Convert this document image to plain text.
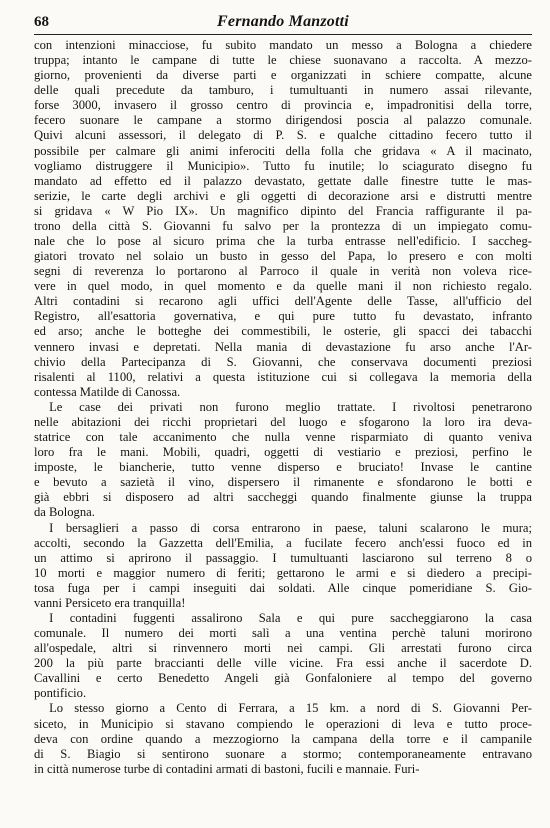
68	Fernando Manzotti
con intenzioni minacciose, fu subito mandato un messo a Bologna a chiedere
truppa; intanto le campane di tutte le chiese suonavano a raccolta. A mezzo-
giorno, provenienti da diverse parti e organizzati in schiere compatte, alcune
delle quali precedute da tamburo, i tumultuanti in numero assai rilevante,
forse 3000, invasero il grosso centro di provincia e, impadronitisi della torre,
fecero suonare le campane a stormo dirigendosi poscia al palazzo comunale.
Quivi alcuni assessori, il delegato di P. S. e qualche cittadino fecero tutto il
possibile per calmare gli animi inferociti della folla che gridava « A il macinato,
vogliamo distruggere il Municipio». Tutto fu inutile; lo sciagurato disegno fu
mandato ad effetto ed il palazzo devastato, gettate dalle finestre tutte le mas-
serizie, le carte degli archivi e gli oggetti di decorazione arsi e distrutti mentre
si gridava « W Pio IX». Un magnifico dipinto del Francia raffigurante il pa-
trono della città S. Giovanni fu salvo per la prontezza di un impiegato comu-
nale che lo pose al sicuro prima che la turba entrasse nell'edificio. I saccheg-
giatori trovato nel solaio un busto in gesso del Papa, lo presero e con molti
segni di reverenza lo portarono al Parroco il quale in verità non voleva rice-
vere in quel modo, in quel momento e da quelle mani il non richiesto regalo.
Altri contadini si recarono agli uffici dell'Agente delle Tasse, all'ufficio del
Registro, all'esattoria governativa, e qui pure tutto fu devastato, infranto
ed arso; anche le botteghe dei commestibili, le osterie, gli spacci dei tabacchi
vennero invasi e depretati. Nella mania di devastazione fu arso anche l'Ar-
chivio della Partecipanza di S. Giovanni, che conservava documenti preziosi
risalenti al 1100, relativi a questa istituzione cui si collegava la memoria della
contessa Matilde di Canossa.
Le case dei privati non furono meglio trattate. I rivoltosi penetrarono
nelle abitazioni dei ricchi proprietari del luogo e sfogarono la loro ira deva-
statrice con tale accanimento che nulla venne risparmiato di quanto veniva
loro fra le mani. Mobili, quadri, oggetti di vestiario e preziosi, perfino le
imposte, le biancherie, tutto venne disperso e bruciato! Invase le cantine
e bevuto a sazietà il vino, dispersero il rimanente e sfondarono le botti e
già ebbri si disposero ad altri saccheggi quando finalmente giunse la truppa
da Bologna.
I bersaglieri a passo di corsa entrarono in paese, taluni scalarono le mura;
accolti, secondo la Gazzetta dell'Emilia, a fucilate fecero anch'essi fuoco ed in
un attimo si aprirono il passaggio. I tumultuanti lasciarono sul terreno 8 o
10 morti e maggior numero di feriti; gettarono le armi e si diedero a precipi-
tosa fuga per i campi inseguiti dai soldati. Alle cinque pomeridiane S. Gio-
vanni Persiceto era tranquilla!
I contadini fuggenti assalirono Sala e qui pure saccheggiarono la casa
comunale. Il numero dei morti salì a una ventina perchè taluni morirono
all'ospedale, altri si rinvennero morti nei campi. Gli arrestati furono circa
200 la più parte braccianti delle ville vicine. Fra essi anche il sacerdote D.
Cavallini e certo Benedetto Angeli già Gonfaloniere al tempo del governo
pontificio.
Lo stesso giorno a Cento di Ferrara, a 15 km. a nord di S. Giovanni Per-
siceto, in Municipio si stavano compiendo le operazioni di leva e tutto proce-
deva con ordine quando a mezzogiorno la campana della torre e il campanile
di S. Biagio si sentirono suonare a stormo; contemporaneamente entravano
in città numerose turbe di contadini armati di bastoni, fucili e mannaie. Furi-
